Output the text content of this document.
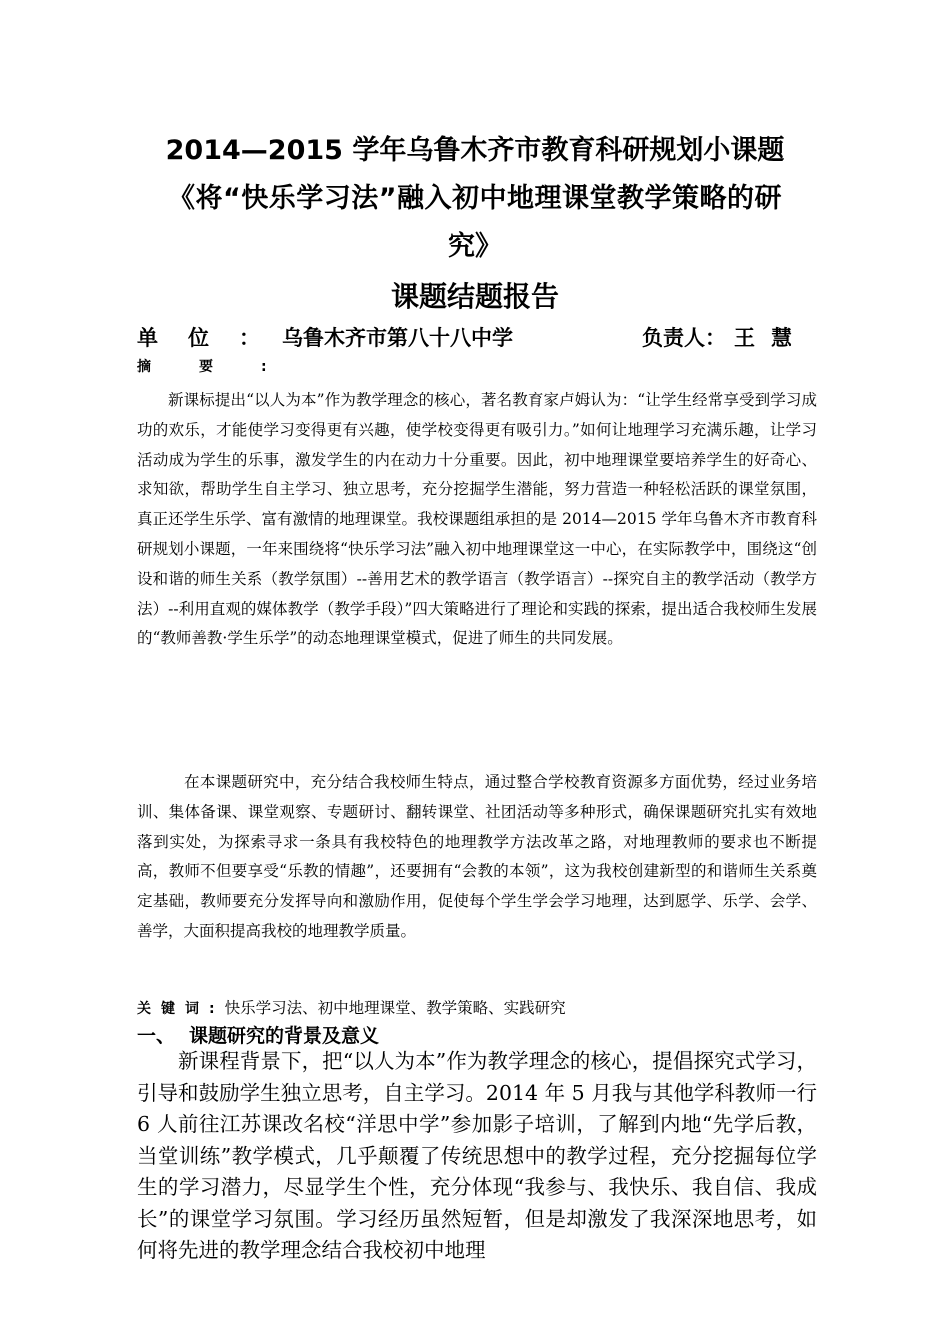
2014—2015 学年乌鲁木齐市教育科研规划小课题
《将“快乐学习法”融入初中地理课堂教学策略的研
究》
课题结题报告
单位：
乌鲁木齐市第八十八中学	负责人： 王慧
摘要:

新课标提出“以人为本”作为教学理念的核心，著名教育家卢姆认为：“让学生经常享受到学习成功的欢乐，才能使学习变得更有兴趣，使学校变得更有吸引力。”如何让地理学习充满乐趣，让学习活动成为学生的乐事，激发学生的内在动力十分重要。因此，初中地理课堂要培养学生的好奇心、求知欲，帮助学生自主学习、独立思考，充分挖掘学生潜能，努力营造一种轻松活跃的课堂氛围，真正还学生乐学、富有激情的地理课堂。我校课题组承担的是 2014—2015 学年乌鲁木齐市教育科研规划小课题，一年来围绕将“快乐学习法”融入初中地理课堂这一中心，在实际教学中，围绕这“创设和谐的师生关系（教学氛围）--善用艺术的教学语言（教学语言）--探究自主的教学活动（教学方法）--利用直观的媒体教学（教学手段）”四大策略进行了理论和实践的探索，提出适合我校师生发展的“教师善教·学生乐学”的动态地理课堂模式，促进了师生的共同发展。

在本课题研究中，充分结合我校师生特点，通过整合学校教育资源多方面优势，经过业务培训、集体备课、课堂观察、专题研讨、翻转课堂、社团活动等多种形式，确保课题研究扎实有效地落到实处，为探索寻求一条具有我校特色的地理教学方法改革之路，对地理教师的要求也不断提高，教师不但要享受“乐教的情趣”，还要拥有“会教的本领”，这为我校创建新型的和谐师生关系奠定基础，教师要充分发挥导向和激励作用，促使每个学生学会学习地理，达到愿学、乐学、会学、善学，大面积提高我校的地理教学质量。

关键词:快乐学习法、初中地理课堂、教学策略、实践研究
一、 课题研究的背景及意义

新课程背景下，把“以人为本”作为教学理念的核心，提倡探究式学习，引导和鼓励学生独立思考，自主学习。2014 年 5 月我与其他学科教师一行 6 人前往江苏课改名校“洋思中学”参加影子培训，了解到内地“先学后教，当堂训练”教学模式，几乎颠覆了传统思想中的教学过程，充分挖掘每位学生的学习潜力，尽显学生个性，充分体现“我参与、我快乐、我自信、我成长”的课堂学习氛围。学习经历虽然短暂，但是却激发了我深深地思考，如何将先进的教学理念结合我校初中地理
